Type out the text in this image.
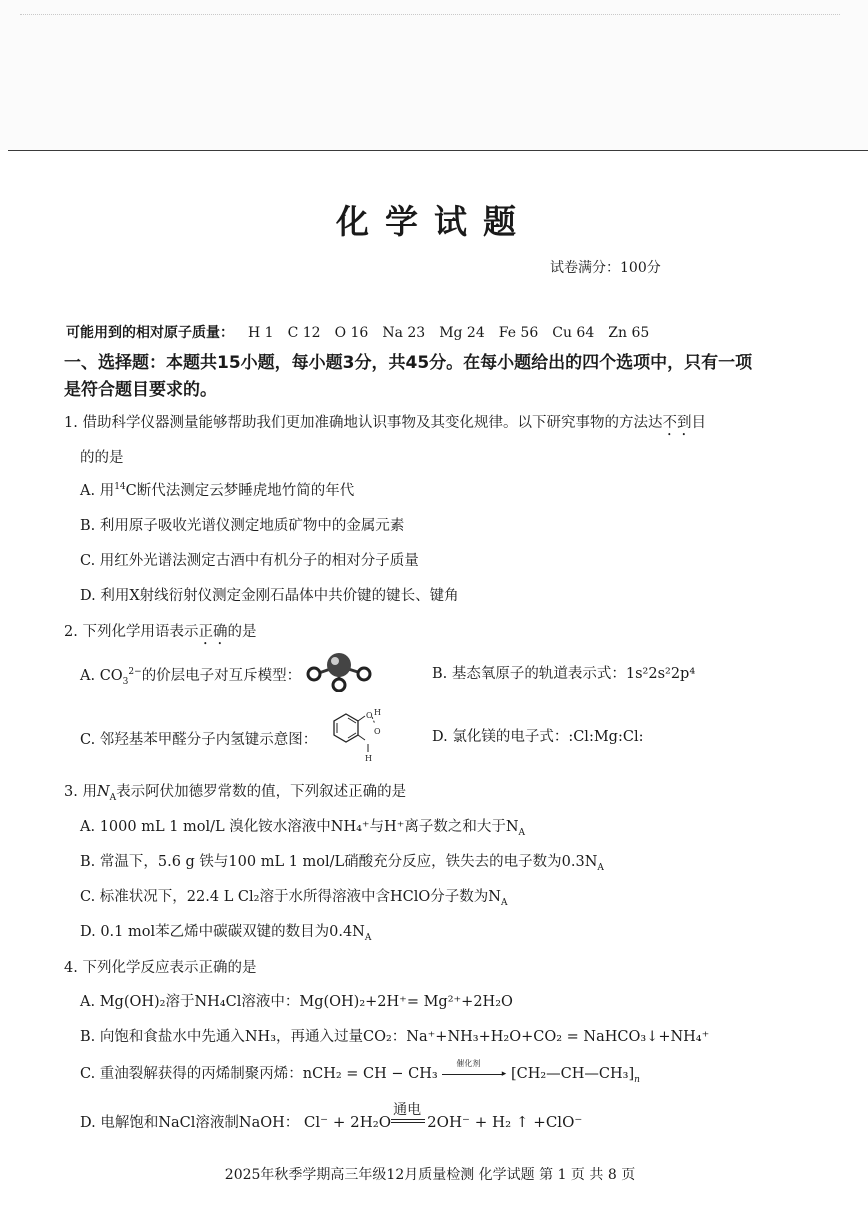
化学试题
试卷满分：100分
可能用到的相对原子质量： H 1 C 12 O 16 Na 23 Mg 24 Fe 56 Cu 64 Zn 65
一、选择题：本题共15小题，每小题3分，共45分。在每小题给出的四个选项中，只有一项是符合题目要求的。
1. 借助科学仪器测量能够帮助我们更加准确地认识事物及其变化规律。以下研究事物的方法达不到目
的的是
A. 用$^{14}$C断代法测定云梦睡虎地竹简的年代
B. 利用原子吸收光谱仪测定地质矿物中的金属元素
C. 用红外光谱法测定古酒中有机分子的相对分子质量
D. 利用X射线衍射仪测定金刚石晶体中共价键的键长、键角
2. 下列化学用语表示正确的是
A. $CO_3^{2-}$的价层电子对互斥模型：	B. 基态氧原子的轨道表示式：1s²2s²2p⁴
C. 邻羟基苯甲醛分子内氢键示意图：
O H
O
H
D. 氯化镁的电子式：:Cl:Mg:Cl:
3. 用$N_A$表示阿伏加德罗常数的值，下列叙述正确的是
A. 1000 mL 1 mol/L 溴化铵水溶液中NH₄⁺与H⁺离子数之和大于$N_A$
B. 常温下，5.6 g 铁与100 mL 1 mol/L硝酸充分反应，铁失去的电子数为$0.3N_A$
C. 标准状况下，22.4 L Cl₂溶于水所得溶液中含HClO分子数为$N_A$
D. 0.1 mol苯乙烯中碳碳双键的数目为$0.4N_A$
4. 下列化学反应表示正确的是
A. Mg(OH)₂溶于NH₄Cl溶液中：Mg(OH)₂+2H⁺= Mg²⁺+2H₂O
B. 向饱和食盐水中先通入NH₃，再通入过量CO₂：Na⁺+NH₃+H₂O+CO₂ = NaHCO₃↓+NH₄⁺
C. 重油裂解获得的丙烯制聚丙烯：nCH₂ = CH − CH₃
催化剂
▸ $[CH_2—CH—CH_3]_n$
D. 电解饱和NaCl溶液制NaOH： Cl⁻ + 2H₂O
通电
2OH⁻ + H₂ ↑ +ClO⁻
2025年秋季学期高三年级12月质量检测 化学试题 第 1 页 共 8 页
